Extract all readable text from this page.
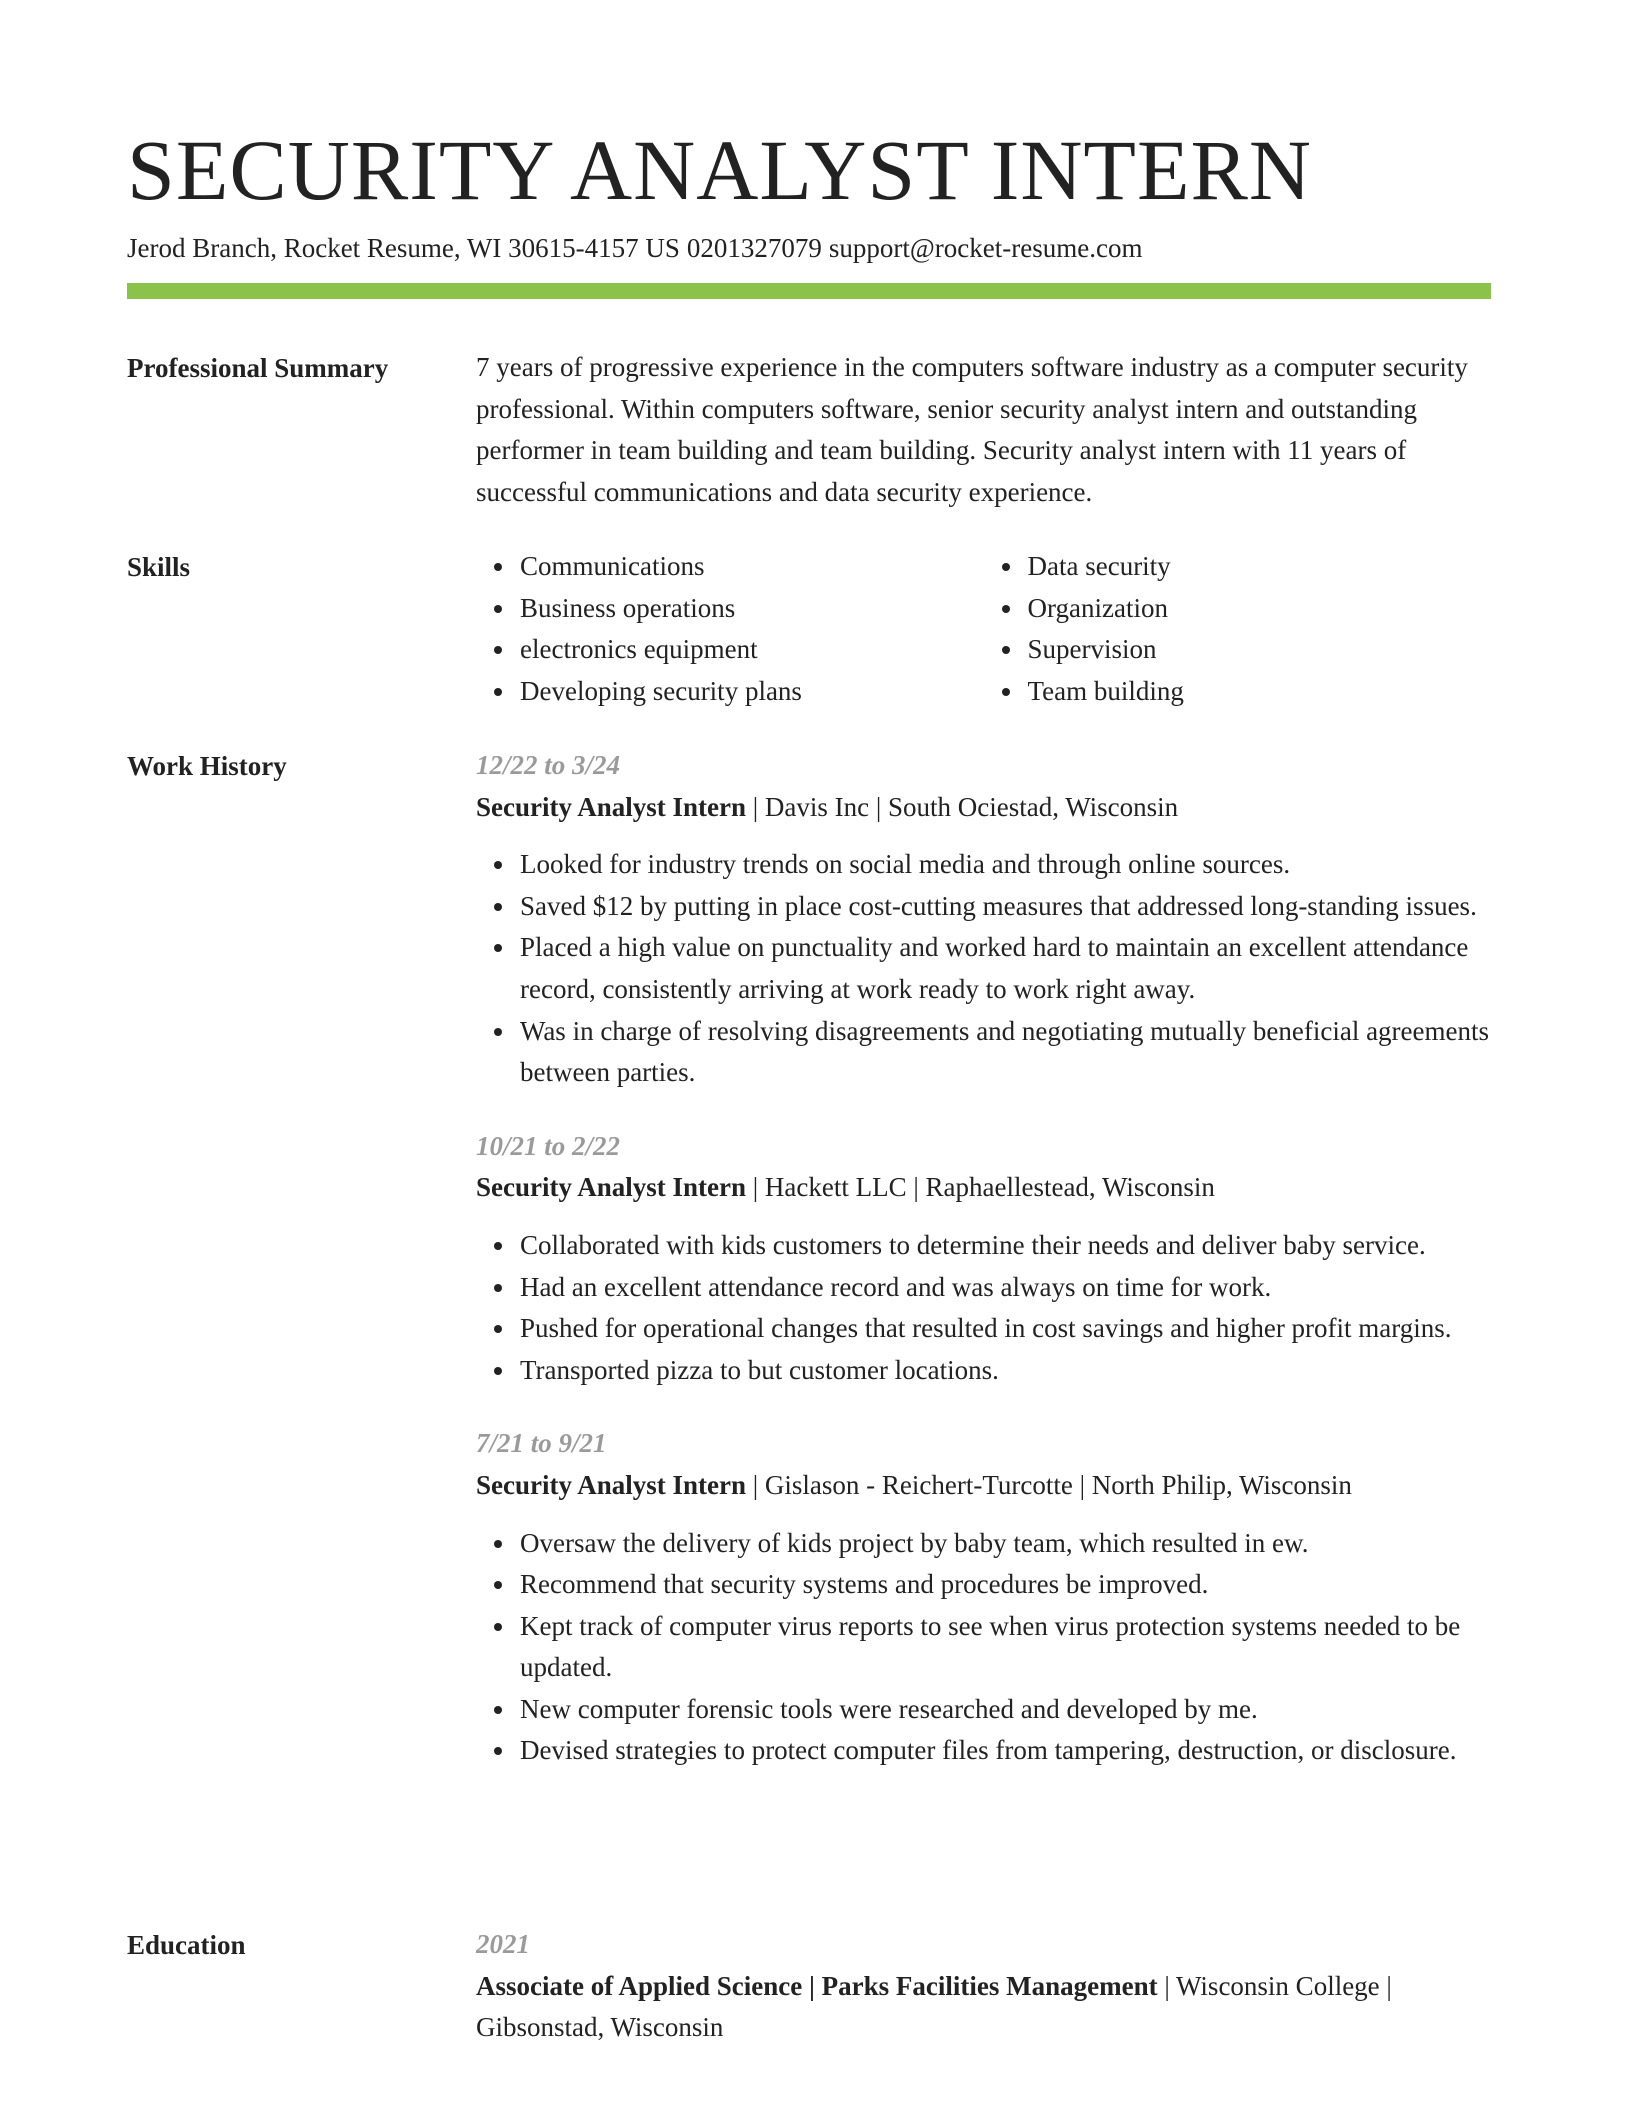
SECURITY ANALYST INTERN
Jerod Branch, Rocket Resume, WI 30615-4157 US 0201327079 support@rocket-resume.com
Professional Summary	7 years of progressive experience in the computers software industry as a computer security professional. Within computers software, senior security analyst intern and outstanding performer in team building and team building. Security analyst intern with 11 years of successful communications and data security experience.

Skills	Communications
Business operations
electronics equipment
Developing security plans
Data security
Organization
Supervision
Team building
Work History	12/22 to 3/24

Security Analyst Intern | Davis Inc | South Ociestad, Wisconsin

Looked for industry trends on social media and through online sources.
Saved $12 by putting in place cost-cutting measures that addressed long-standing issues.
Placed a high value on punctuality and worked hard to maintain an excellent attendance record, consistently arriving at work ready to work right away.
Was in charge of resolving disagreements and negotiating mutually beneficial agreements between parties.

10/21 to 2/22

Security Analyst Intern | Hackett LLC | Raphaellestead, Wisconsin

Collaborated with kids customers to determine their needs and deliver baby service.
Had an excellent attendance record and was always on time for work.
Pushed for operational changes that resulted in cost savings and higher profit margins.
Transported pizza to but customer locations.

7/21 to 9/21

Security Analyst Intern | Gislason - Reichert-Turcotte | North Philip, Wisconsin

Oversaw the delivery of kids project by baby team, which resulted in ew.
Recommend that security systems and procedures be improved.
Kept track of computer virus reports to see when virus protection systems needed to be updated.
New computer forensic tools were researched and developed by me.
Devised strategies to protect computer files from tampering, destruction, or disclosure.
Education	2021

Associate of Applied Science | Parks Facilities Management | Wisconsin College | Gibsonstad, Wisconsin
